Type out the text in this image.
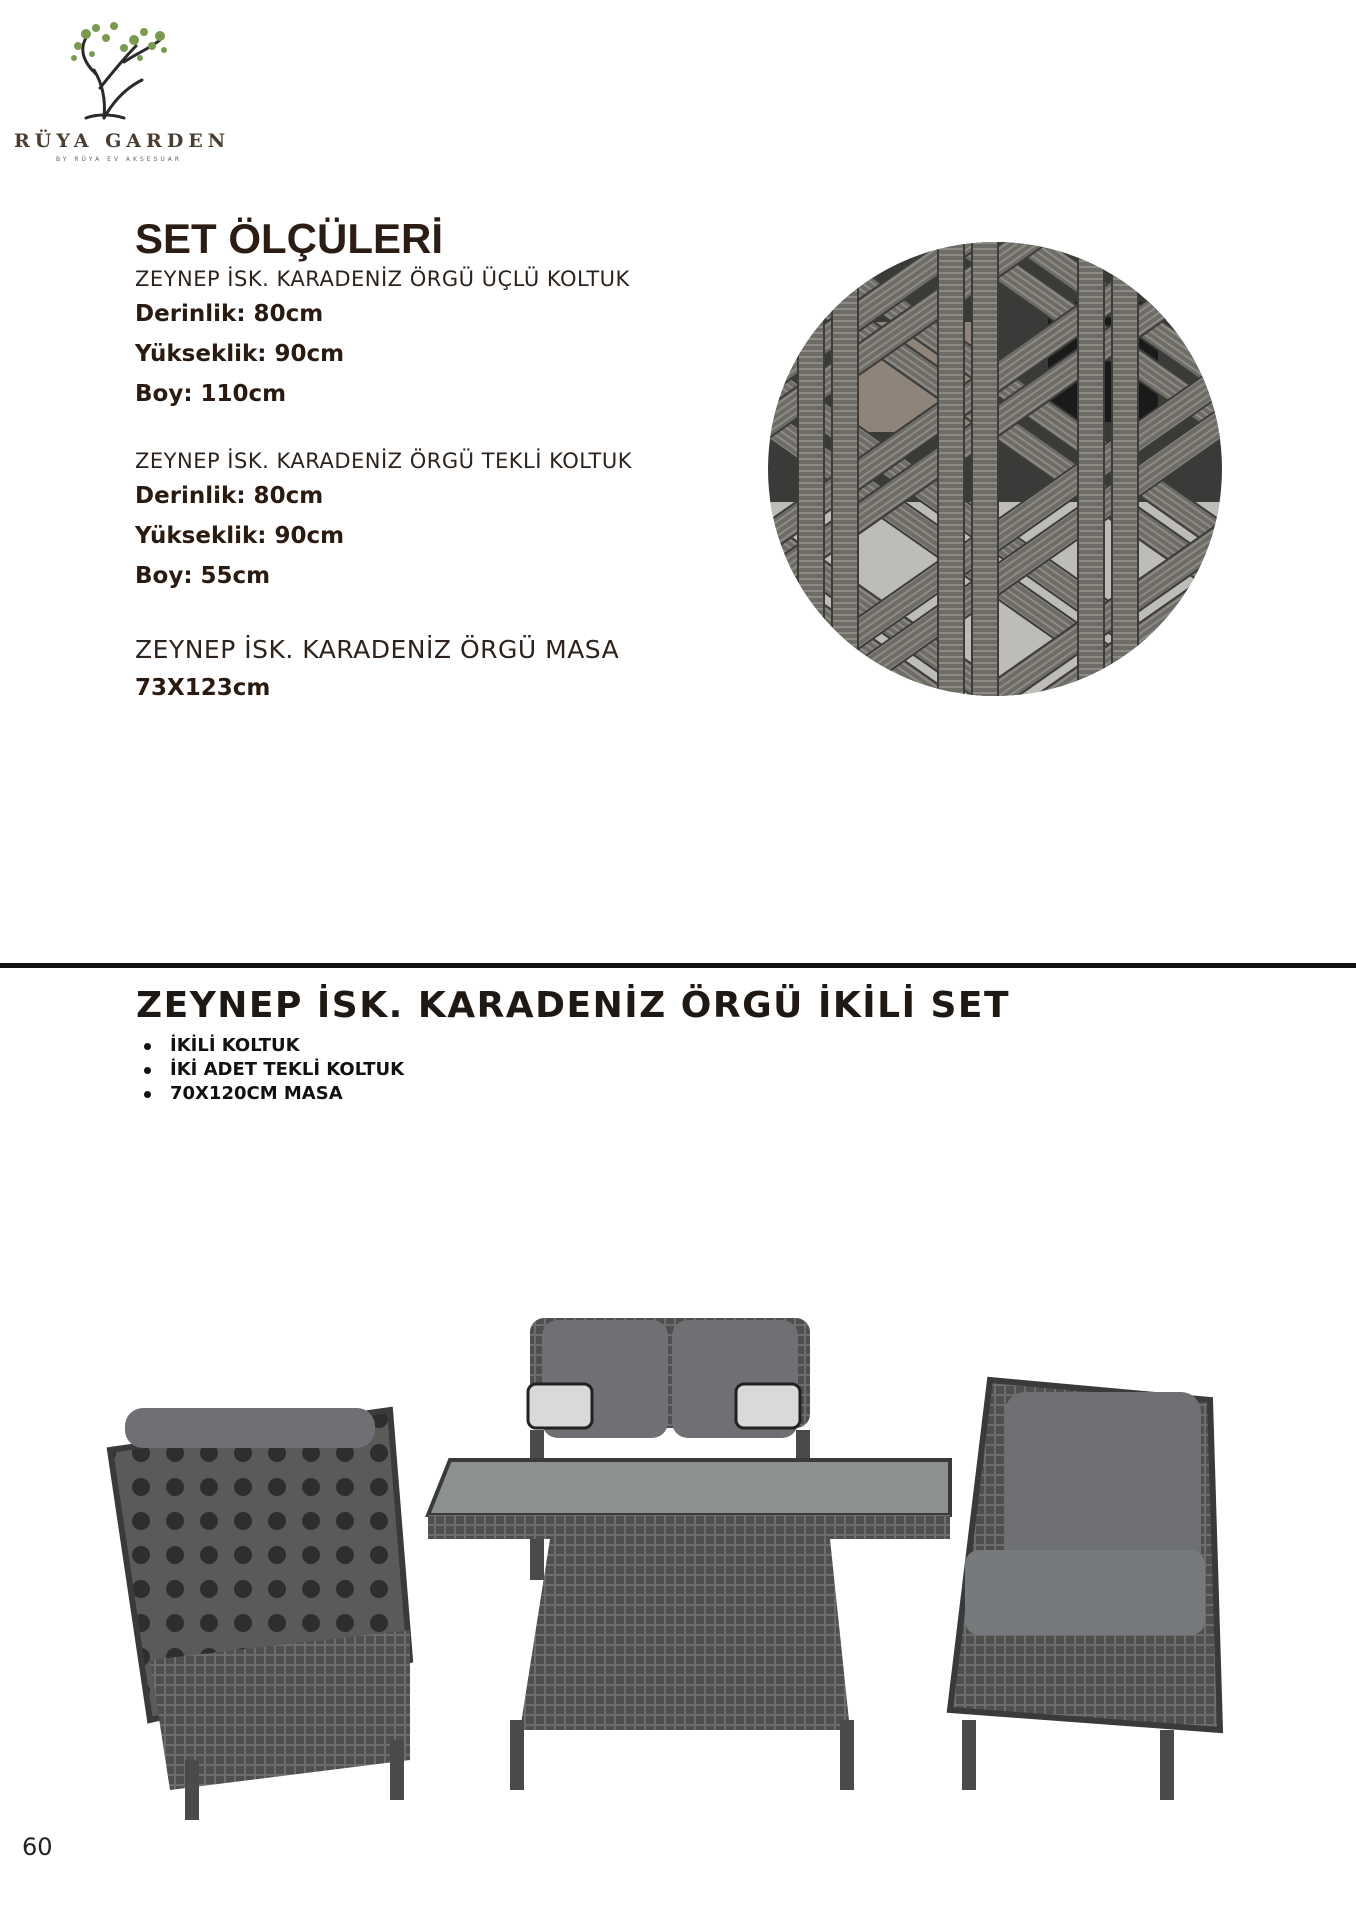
RÜYA GARDEN
BY RÜYA EV AKSESUAR
SET ÖLÇÜLERİ

ZEYNEP İSK. KARADENİZ ÖRGÜ ÜÇLÜ KOLTUK

Derinlik: 80cm

Yükseklik: 90cm

Boy: 110cm

ZEYNEP İSK. KARADENİZ ÖRGÜ TEKLİ KOLTUK

Derinlik: 80cm

Yükseklik: 90cm

Boy: 55cm

ZEYNEP İSK. KARADENİZ ÖRGÜ MASA

73X123cm

ZEYNEP İSK. KARADENİZ ÖRGÜ İKİLİ SET
İKİLİ KOLTUK
İKİ ADET TEKLİ KOLTUK
70X120CM MASA
60
